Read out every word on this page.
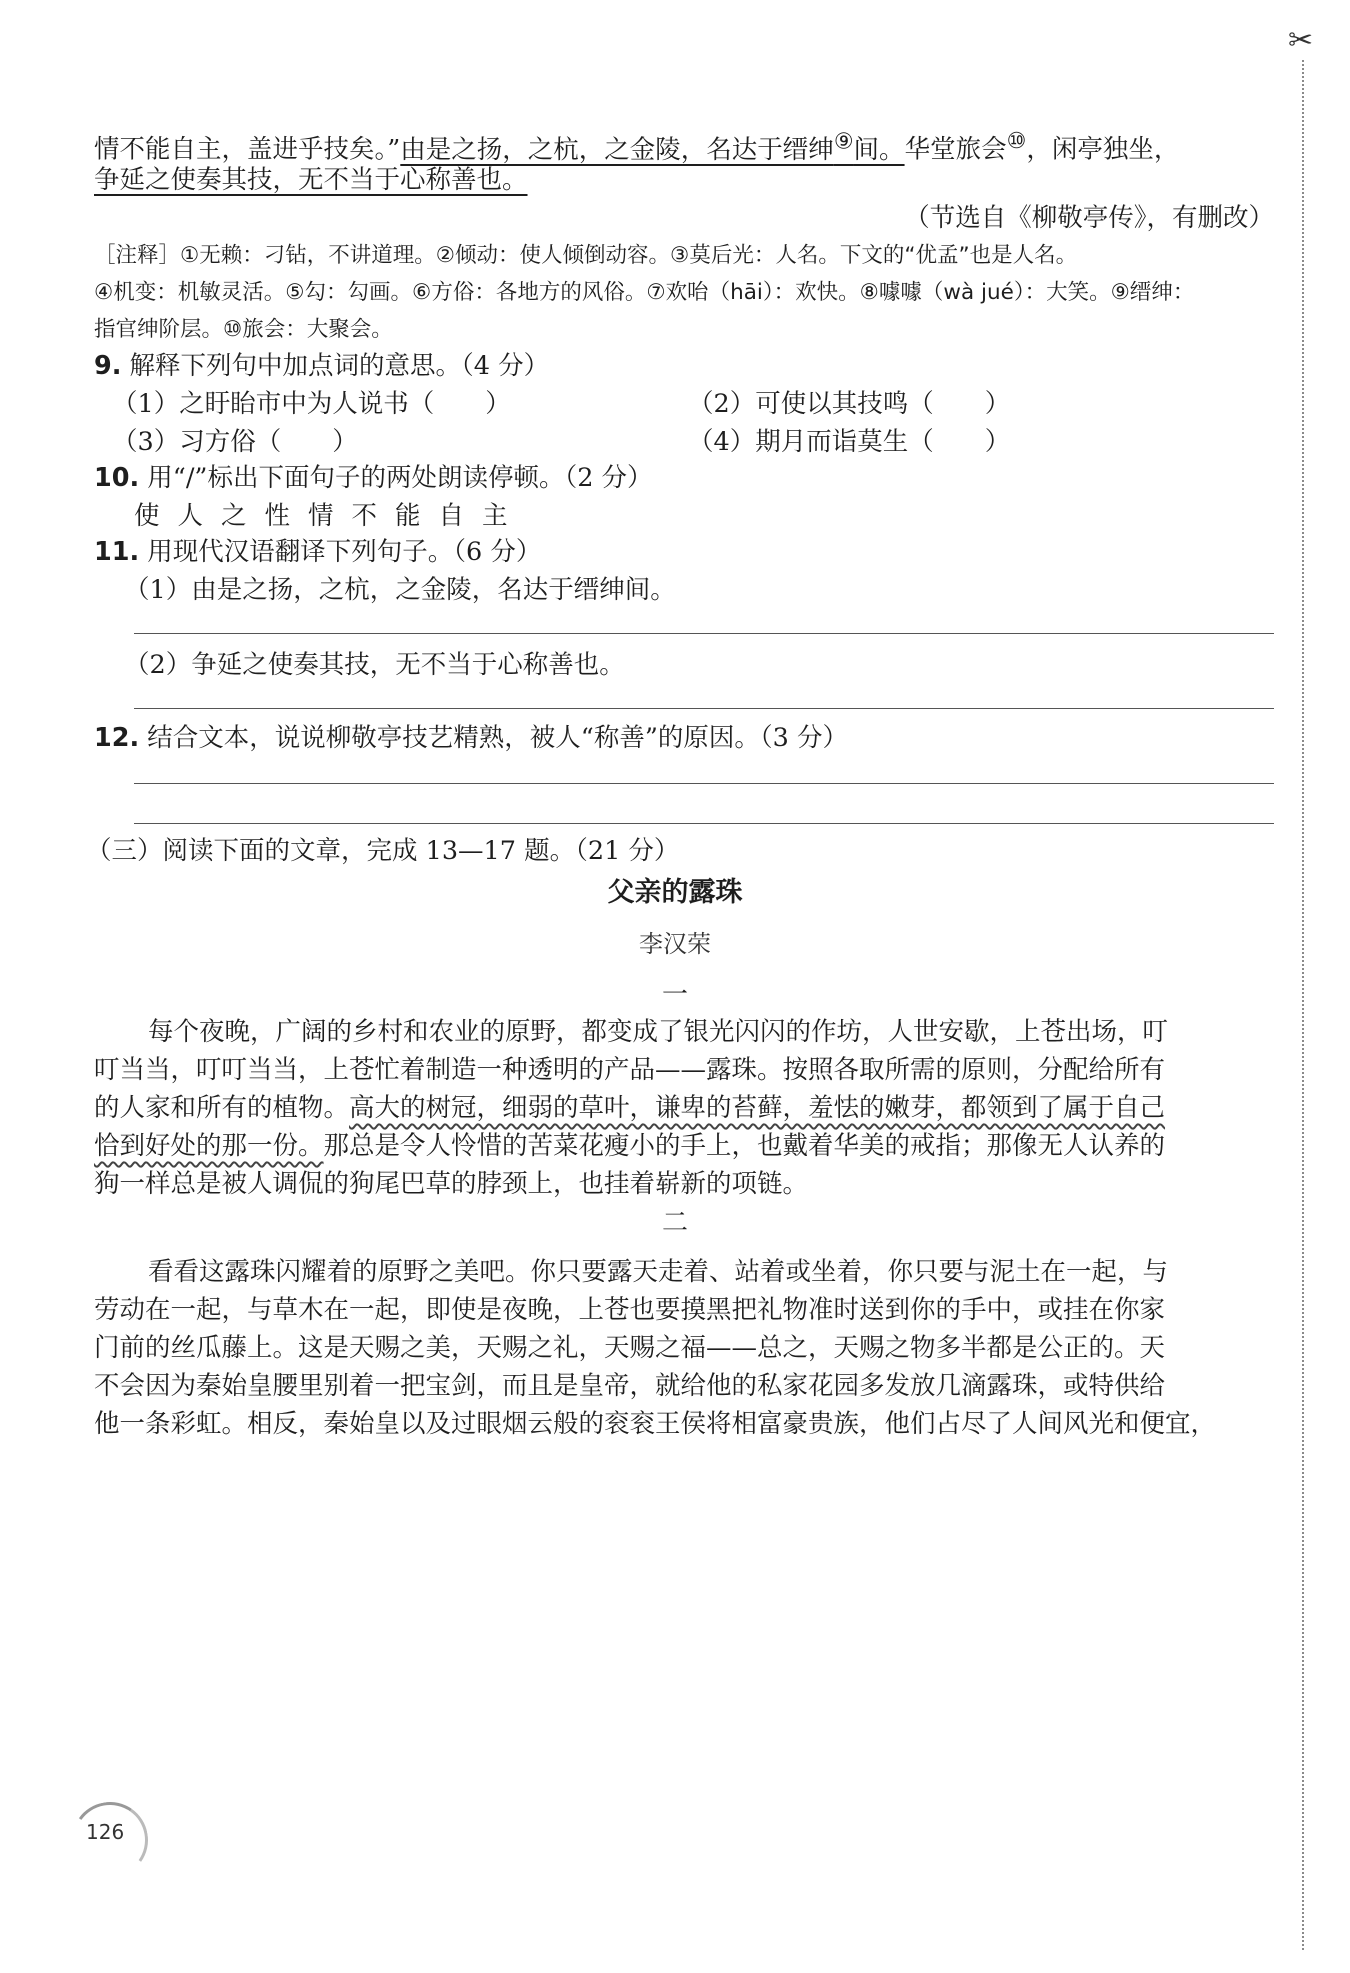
✂
情不能自主，盖进乎技矣。”由是之扬，之杭，之金陵，名达于缙绅⑨间。华堂旅会⑩，闲亭独坐，
争延之使奏其技，无不当于心称善也。
（节选自《柳敬亭传》，有删改）
［注释］①无赖：刁钻，不讲道理。②倾动：使人倾倒动容。③莫后光：人名。下文的“优孟”也是人名。
④机变：机敏灵活。⑤勾：勾画。⑥方俗：各地方的风俗。⑦欢咍（hāi）：欢快。⑧噱噱（wà jué）：大笑。⑨缙绅：
指官绅阶层。⑩旅会：大聚会。
9. 解释下列句中加点词的意思。（4 分）
（1）之盱眙市中为人说书（　　）	（2）可使以其技鸣（　　）
（3）习方俗（　　）	（4）期月而诣莫生（　　）
10. 用“/”标出下面句子的两处朗读停顿。（2 分）
使人之性情不能自主
11. 用现代汉语翻译下列句子。（6 分）
（1）由是之扬，之杭，之金陵，名达于缙绅间。
（2）争延之使奏其技，无不当于心称善也。
12. 结合文本，说说柳敬亭技艺精熟，被人“称善”的原因。（3 分）
（三）阅读下面的文章，完成 13—17 题。（21 分）
父亲的露珠
李汉荣
一
每个夜晚，广阔的乡村和农业的原野，都变成了银光闪闪的作坊，人世安歇，上苍出场，叮
叮当当，叮叮当当，上苍忙着制造一种透明的产品——露珠。按照各取所需的原则，分配给所有
的人家和所有的植物。高大的树冠，细弱的草叶，谦卑的苔藓，羞怯的嫩芽，都领到了属于自己
恰到好处的那一份。那总是令人怜惜的苦菜花瘦小的手上，也戴着华美的戒指；那像无人认养的
狗一样总是被人调侃的狗尾巴草的脖颈上，也挂着崭新的项链。
二
看看这露珠闪耀着的原野之美吧。你只要露天走着、站着或坐着，你只要与泥土在一起，与
劳动在一起，与草木在一起，即使是夜晚，上苍也要摸黑把礼物准时送到你的手中，或挂在你家
门前的丝瓜藤上。这是天赐之美，天赐之礼，天赐之福——总之，天赐之物多半都是公正的。天
不会因为秦始皇腰里别着一把宝剑，而且是皇帝，就给他的私家花园多发放几滴露珠，或特供给
他一条彩虹。相反，秦始皇以及过眼烟云般的衮衮王侯将相富豪贵族，他们占尽了人间风光和便宜，
126
